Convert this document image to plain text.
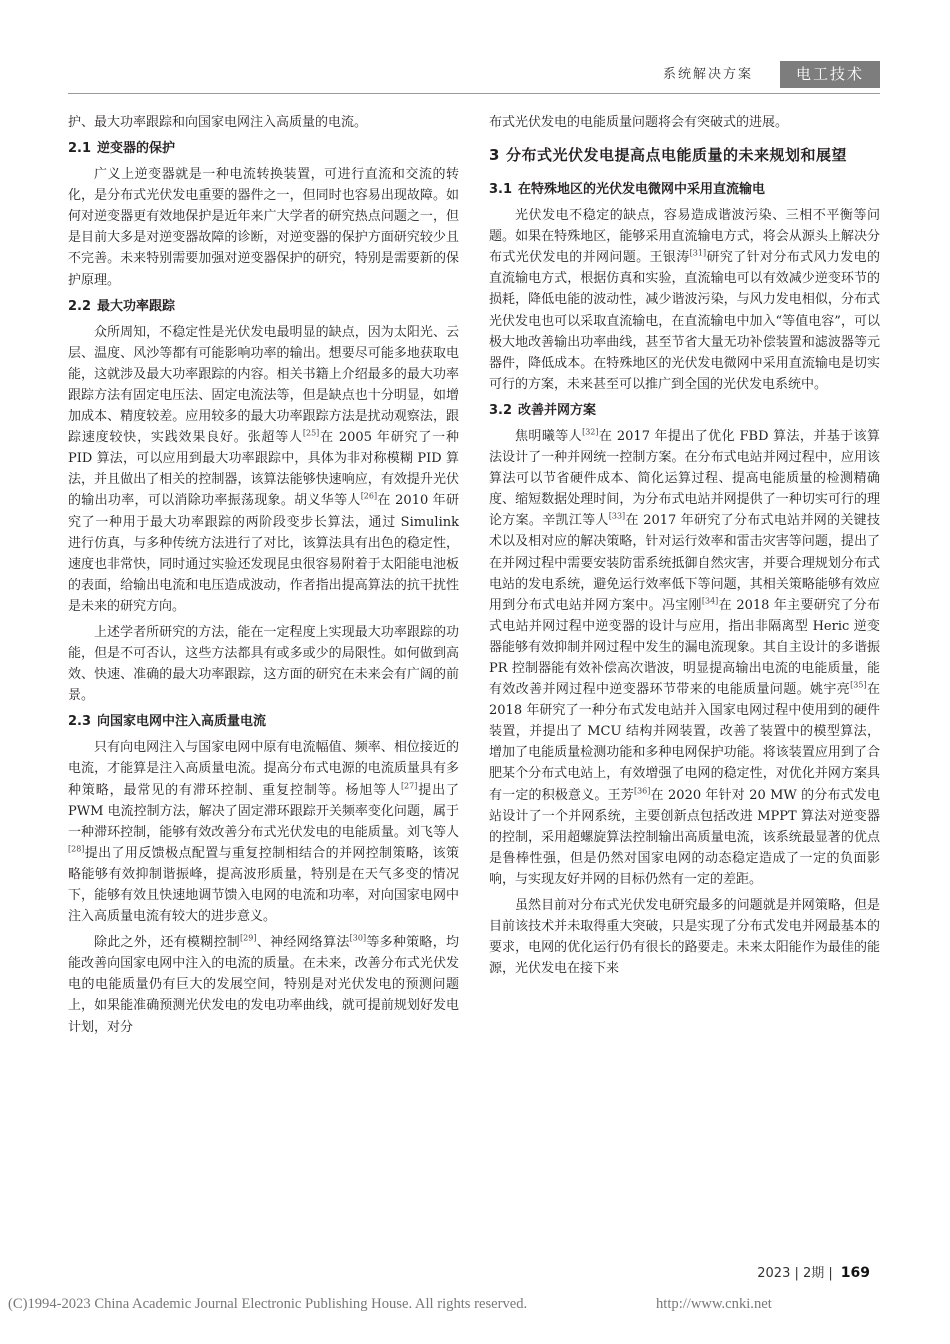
系统解决方案	电工技术

护、最大功率跟踪和向国家电网注入高质量的电流。

2.1 逆变器的保护

广义上逆变器就是一种电流转换装置，可进行直流和交流的转化，是分布式光伏发电重要的器件之一，但同时也容易出现故障。如何对逆变器更有效地保护是近年来广大学者的研究热点问题之一，但是目前大多是对逆变器故障的诊断，对逆变器的保护方面研究较少且不完善。未来特别需要加强对逆变器保护的研究，特别是需要新的保护原理。

2.2 最大功率跟踪

众所周知，不稳定性是光伏发电最明显的缺点，因为太阳光、云层、温度、风沙等都有可能影响功率的输出。想要尽可能多地获取电能，这就涉及最大功率跟踪的内容。相关书籍上介绍最多的最大功率跟踪方法有固定电压法、固定电流法等，但是缺点也十分明显，如增加成本、精度较差。应用较多的最大功率跟踪方法是扰动观察法，跟踪速度较快，实践效果良好。张超等人[25]在 2005 年研究了一种 PID 算法，可以应用到最大功率跟踪中，具体为非对称模糊 PID 算法，并且做出了相关的控制器，该算法能够快速响应，有效提升光伏的输出功率，可以消除功率振荡现象。胡义华等人[26]在 2010 年研究了一种用于最大功率跟踪的两阶段变步长算法，通过 Simulink 进行仿真，与多种传统方法进行了对比，该算法具有出色的稳定性，速度也非常快，同时通过实验还发现昆虫很容易附着于太阳能电池板的表面，给输出电流和电压造成波动，作者指出提高算法的抗干扰性是未来的研究方向。

上述学者所研究的方法，能在一定程度上实现最大功率跟踪的功能，但是不可否认，这些方法都具有或多或少的局限性。如何做到高效、快速、准确的最大功率跟踪，这方面的研究在未来会有广阔的前景。

2.3 向国家电网中注入高质量电流

只有向电网注入与国家电网中原有电流幅值、频率、相位接近的电流，才能算是注入高质量电流。提高分布式电源的电流质量具有多种策略，最常见的有滞环控制、重复控制等。杨旭等人[27]提出了 PWM 电流控制方法，解决了固定滞环跟踪开关频率变化问题，属于一种滞环控制，能够有效改善分布式光伏发电的电能质量。刘飞等人[28]提出了用反馈极点配置与重复控制相结合的并网控制策略，该策略能够有效抑制谐振峰，提高波形质量，特别是在天气多变的情况下，能够有效且快速地调节馈入电网的电流和功率，对向国家电网中注入高质量电流有较大的进步意义。

除此之外，还有模糊控制[29]、神经网络算法[30]等多种策略，均能改善向国家电网中注入的电流的质量。在未来，改善分布式光伏发电的电能质量仍有巨大的发展空间，特别是对光伏发电的预测问题上，如果能准确预测光伏发电的发电功率曲线，就可提前规划好发电计划，对分

布式光伏发电的电能质量问题将会有突破式的进展。

3 分布式光伏发电提高点电能质量的未来规划和展望
3.1 在特殊地区的光伏发电微网中采用直流输电

光伏发电不稳定的缺点，容易造成谐波污染、三相不平衡等问题。如果在特殊地区，能够采用直流输电方式，将会从源头上解决分布式光伏发电的并网问题。王银涛[31]研究了针对分布式风力发电的直流输电方式，根据仿真和实验，直流输电可以有效减少逆变环节的损耗，降低电能的波动性，减少谐波污染，与风力发电相似，分布式光伏发电也可以采取直流输电，在直流输电中加入“等值电容”，可以极大地改善输出功率曲线，甚至节省大量无功补偿装置和滤波器等元器件，降低成本。在特殊地区的光伏发电微网中采用直流输电是切实可行的方案，未来甚至可以推广到全国的光伏发电系统中。

3.2 改善并网方案

焦明曦等人[32]在 2017 年提出了优化 FBD 算法，并基于该算法设计了一种并网统一控制方案。在分布式电站并网过程中，应用该算法可以节省硬件成本、简化运算过程、提高电能质量的检测精确度、缩短数据处理时间，为分布式电站并网提供了一种切实可行的理论方案。辛凯江等人[33]在 2017 年研究了分布式电站并网的关键技术以及相对应的解决策略，针对运行效率和雷击灾害等问题，提出了在并网过程中需要安装防雷系统抵御自然灾害，并要合理规划分布式电站的发电系统，避免运行效率低下等问题，其相关策略能够有效应用到分布式电站并网方案中。冯宝刚[34]在 2018 年主要研究了分布式电站并网过程中逆变器的设计与应用，指出非隔离型 Heric 逆变器能够有效抑制并网过程中发生的漏电流现象。其自主设计的多谐振 PR 控制器能有效补偿高次谐波，明显提高输出电流的电能质量，能有效改善并网过程中逆变器环节带来的电能质量问题。姚宇亮[35]在 2018 年研究了一种分布式发电站并入国家电网过程中使用到的硬件装置，并提出了 MCU 结构并网装置，改善了装置中的模型算法，增加了电能质量检测功能和多种电网保护功能。将该装置应用到了合肥某个分布式电站上，有效增强了电网的稳定性，对优化并网方案具有一定的积极意义。王芳[36]在 2020 年针对 20 MW 的分布式发电站设计了一个并网系统，主要创新点包括改进 MPPT 算法对逆变器的控制，采用超螺旋算法控制输出高质量电流，该系统最显著的优点是鲁棒性强，但是仍然对国家电网的动态稳定造成了一定的负面影响，与实现友好并网的目标仍然有一定的差距。

虽然目前对分布式光伏发电研究最多的问题就是并网策略，但是目前该技术并未取得重大突破，只是实现了分布式发电并网最基本的要求，电网的优化运行仍有很长的路要走。未来太阳能作为最佳的能源，光伏发电在接下来

2023 | 2期 | 169
(C)1994-2023 China Academic Journal Electronic Publishing House. All rights reserved.	http://www.cnki.net
